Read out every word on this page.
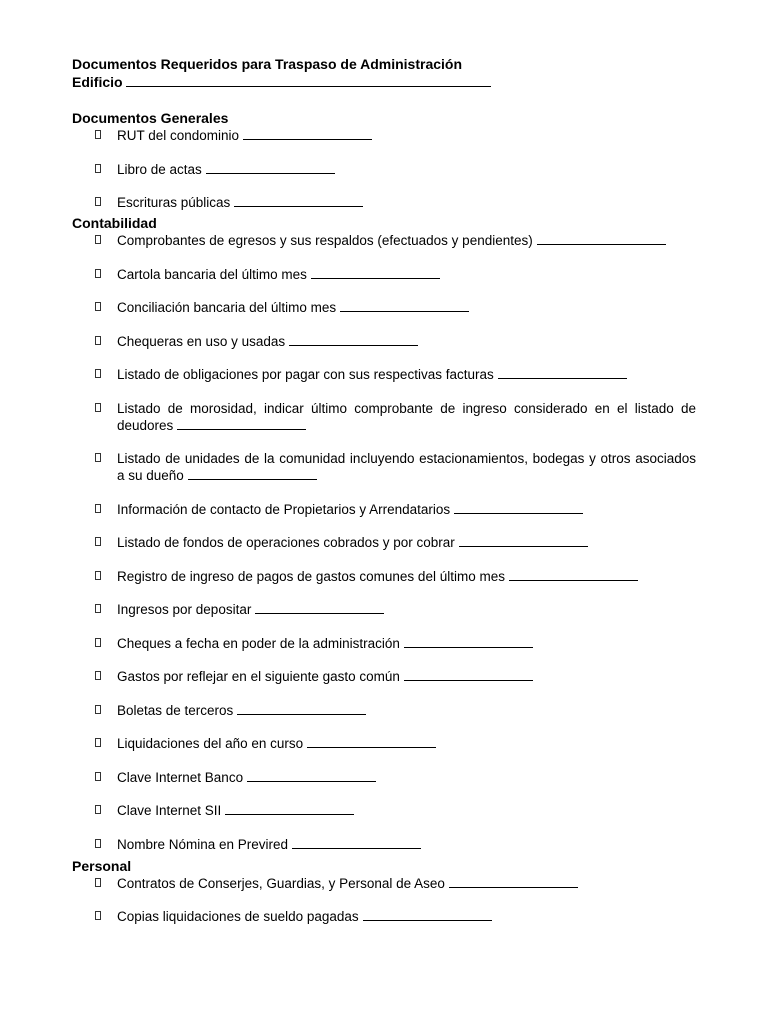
Documentos Requeridos para Traspaso de Administración

Edificio

Documentos Generales

RUT del condominio
Libro de actas
Escrituras públicas

Contabilidad

Comprobantes de egresos y sus respaldos (efectuados y pendientes)
Cartola bancaria del último mes
Conciliación bancaria del último mes
Chequeras en uso y usadas
Listado de obligaciones por pagar con sus respectivas facturas
Listado de morosidad, indicar último comprobante de ingreso considerado en el listado de deudores
Listado de unidades de la comunidad incluyendo estacionamientos, bodegas y otros asociados a su dueño
Información de contacto de Propietarios y Arrendatarios
Listado de fondos de operaciones cobrados y por cobrar
Registro de ingreso de pagos de gastos comunes del último mes
Ingresos por depositar
Cheques a fecha en poder de la administración
Gastos por reflejar en el siguiente gasto común
Boletas de terceros
Liquidaciones del año en curso
Clave Internet Banco
Clave Internet SII
Nombre Nómina en Previred

Personal

Contratos de Conserjes, Guardias, y Personal de Aseo
Copias liquidaciones de sueldo pagadas
